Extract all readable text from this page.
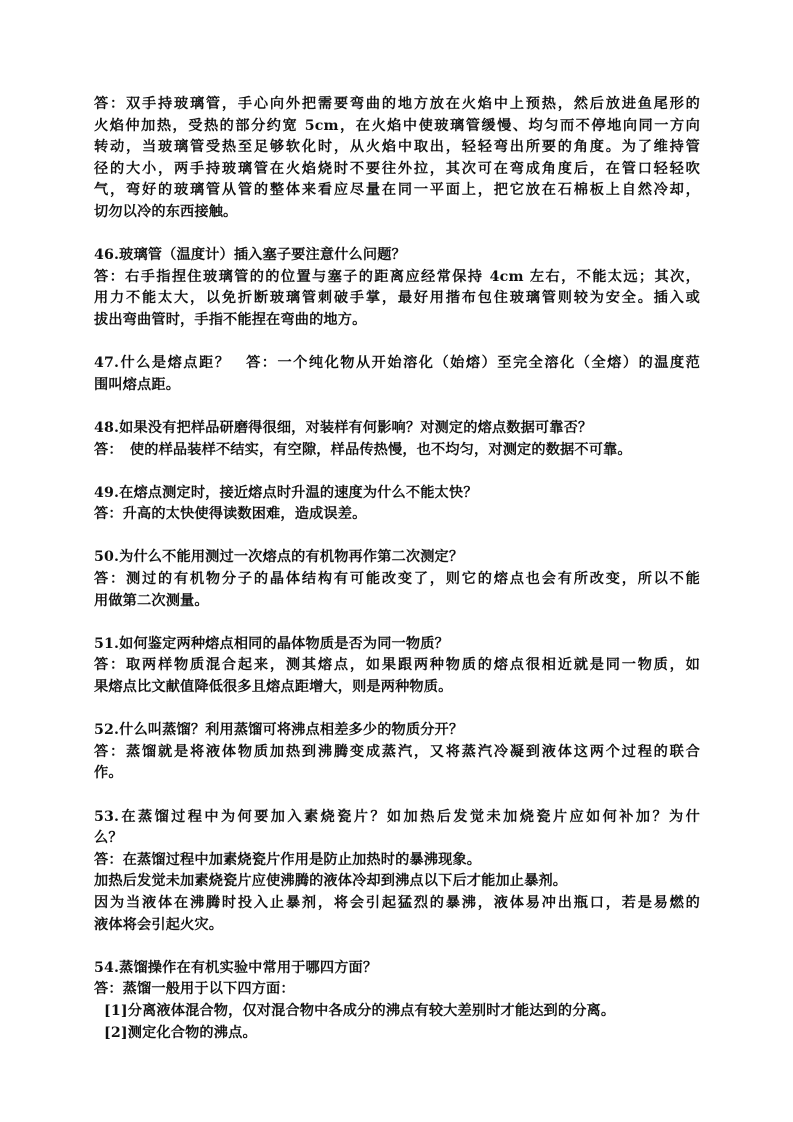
答：双手持玻璃管，手心向外把需要弯曲的地方放在火焰中上预热，然后放进鱼尾形的
火焰仲加热，受热的部分约宽 5cm，在火焰中使玻璃管缓慢、均匀而不停地向同一方向
转动，当玻璃管受热至足够软化时，从火焰中取出，轻轻弯出所要的角度。为了维持管
径的大小，两手持玻璃管在火焰烧时不要往外拉，其次可在弯成角度后，在管口轻轻吹
气，弯好的玻璃管从管的整体来看应尽量在同一平面上，把它放在石棉板上自然冷却，
切勿以冷的东西接触。
46.玻璃管（温度计）插入塞子要注意什么问题？
答：右手指捏住玻璃管的的位置与塞子的距离应经常保持 4cm 左右，不能太远；其次，
用力不能太大，以免折断玻璃管刺破手掌，最好用揩布包住玻璃管则较为安全。插入或
拔出弯曲管时，手指不能捏在弯曲的地方。
47.什么是熔点距？　答：一个纯化物从开始溶化（始熔）至完全溶化（全熔）的温度范
围叫熔点距。
48.如果没有把样品研磨得很细，对装样有何影响？对测定的熔点数据可靠否？
答：　使的样品装样不结实，有空隙，样品传热慢，也不均匀，对测定的数据不可靠。
49.在熔点测定时，接近熔点时升温的速度为什么不能太快？
答：升高的太快使得读数困难，造成误差。
50.为什么不能用测过一次熔点的有机物再作第二次测定？
答：测过的有机物分子的晶体结构有可能改变了，则它的熔点也会有所改变，所以不能
用做第二次测量。
51.如何鉴定两种熔点相同的晶体物质是否为同一物质？
答：取两样物质混合起来，测其熔点，如果跟两种物质的熔点很相近就是同一物质，如
果熔点比文献值降低很多且熔点距增大，则是两种物质。
52.什么叫蒸馏？利用蒸馏可将沸点相差多少的物质分开？
答：蒸馏就是将液体物质加热到沸腾变成蒸汽，又将蒸汽冷凝到液体这两个过程的联合
作。
53.在蒸馏过程中为何要加入素烧瓷片？如加热后发觉未加烧瓷片应如何补加？为什
么？
答：在蒸馏过程中加素烧瓷片作用是防止加热时的暴沸现象。
加热后发觉未加素烧瓷片应使沸腾的液体冷却到沸点以下后才能加止暴剂。
因为当液体在沸腾时投入止暴剂，将会引起猛烈的暴沸，液体易冲出瓶口，若是易燃的
液体将会引起火灾。
54.蒸馏操作在有机实验中常用于哪四方面？
答：蒸馏一般用于以下四方面：
[1]分离液体混合物，仅对混合物中各成分的沸点有较大差别时才能达到的分离。
[2]测定化合物的沸点。
